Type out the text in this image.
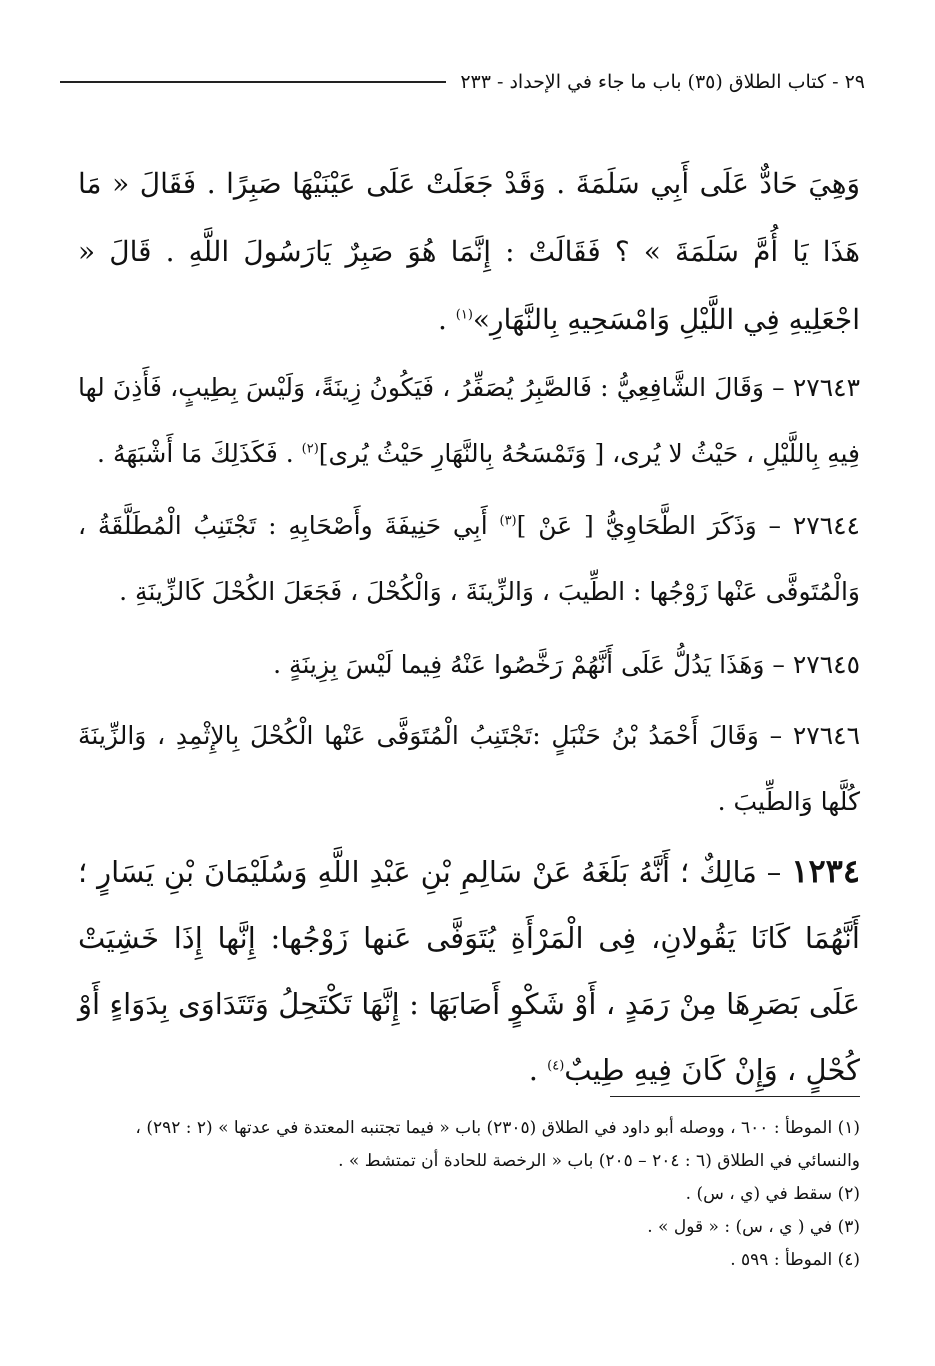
٢٩ - كتاب الطلاق (٣٥) باب ما جاء في الإحداد - ٢٣٣

وَهِيَ حَادٌّ عَلَى أَبِي سَلَمَةَ . وَقَدْ جَعَلَتْ عَلَى عَيْنَيْهَا صَبِرًا . فَقَالَ « مَا هَذَا يَا أُمَّ سَلَمَةَ » ؟ فَقَالَتْ : إِنَّمَا هُوَ صَبِرٌ يَارَسُولَ اللَّهِ . قَالَ « اجْعَلِيهِ فِي اللَّيْلِ وَامْسَحِيهِ بِالنَّهَارِ»$^{(١)}$ .

٢٧٦٤٣ – وَقَالَ الشَّافِعِيُّ : فَالصَّبِرُ يُصَفِّرُ ، فَيَكُونُ زِينَةً، وَلَيْسَ بِطِيبٍ، فَأَذِنَ لها فِيهِ بِاللَّيْلِ ، حَيْثُ لا يُرى، [ وَتَمْسَحُهُ بِالنَّهَارِ حَيْثُ يُرى]$^{(٢)}$ . فَكَذَلِكَ مَا أَشْبَهَهُ .

٢٧٦٤٤ – وَذَكَرَ الطَّحَاوِيُّ [ عَنْ ]$^{(٣)}$ أَبِي حَنِيفَةَ وأَصْحَابِهِ : تَجْتَنِبُ الْمُطَلَّقَةُ ، وَالْمُتَوفَّى عَنْها زَوْجُها : الطِّيبَ ، وَالزِّينَةَ ، وَالْكُحْلَ ، فَجَعَلَ الكُحْلَ كَالزِّينَةِ .

٢٧٦٤٥ – وَهَذَا يَدُلُّ عَلَى أَنَّهُمْ رَخَّصُوا عَنْهُ فِيما لَيْسَ بِزِينَةٍ .

٢٧٦٤٦ – وَقَالَ أَحْمَدُ بْنُ حَنْبَلٍ :تَجْتَنِبُ الْمُتَوَفَّى عَنْها الْكُحْلَ بِالإِثْمِدِ ، وَالزِّينَةَ كُلَّها وَالطِّيبَ .

١٢٣٤ – مَالِكٌ ؛ أَنَّهُ بَلَغَهُ عَنْ سَالِمِ بْنِ عَبْدِ اللَّهِ وَسُلَيْمَانَ بْنِ يَسَارٍ ؛ أَنَّهُمَا كَانَا يَقُولانِ، فِى الْمَرْأَةِ يُتَوَفَّى عَنها زَوْجُها: إِنَّها إِذَا خَشِيَتْ عَلَى بَصَرِهَا مِنْ رَمَدٍ ، أَوْ شَكْوٍ أَصَابَهَا : إِنَّهَا تَكْتَحِلُ وَتَتَدَاوَى بِدَوَاءٍ أَوْ كُحْلٍ ، وَإِنْ كَانَ فِيهِ طِيبٌ$^{(٤)}$ .

(١) الموطأ : ٦٠٠ ، ووصله أبو داود في الطلاق (٢٣٠٥) باب « فيما تجتنبه المعتدة في عدتها » (٢ : ٢٩٢) ، والنسائي في الطلاق (٦ : ٢٠٤ – ٢٠٥) باب « الرخصة للحادة أن تمتشط » .

(٢) سقط في (ي ، س) .

(٣) في ( ي ، س) : « قول » .

(٤) الموطأ : ٥٩٩ .
